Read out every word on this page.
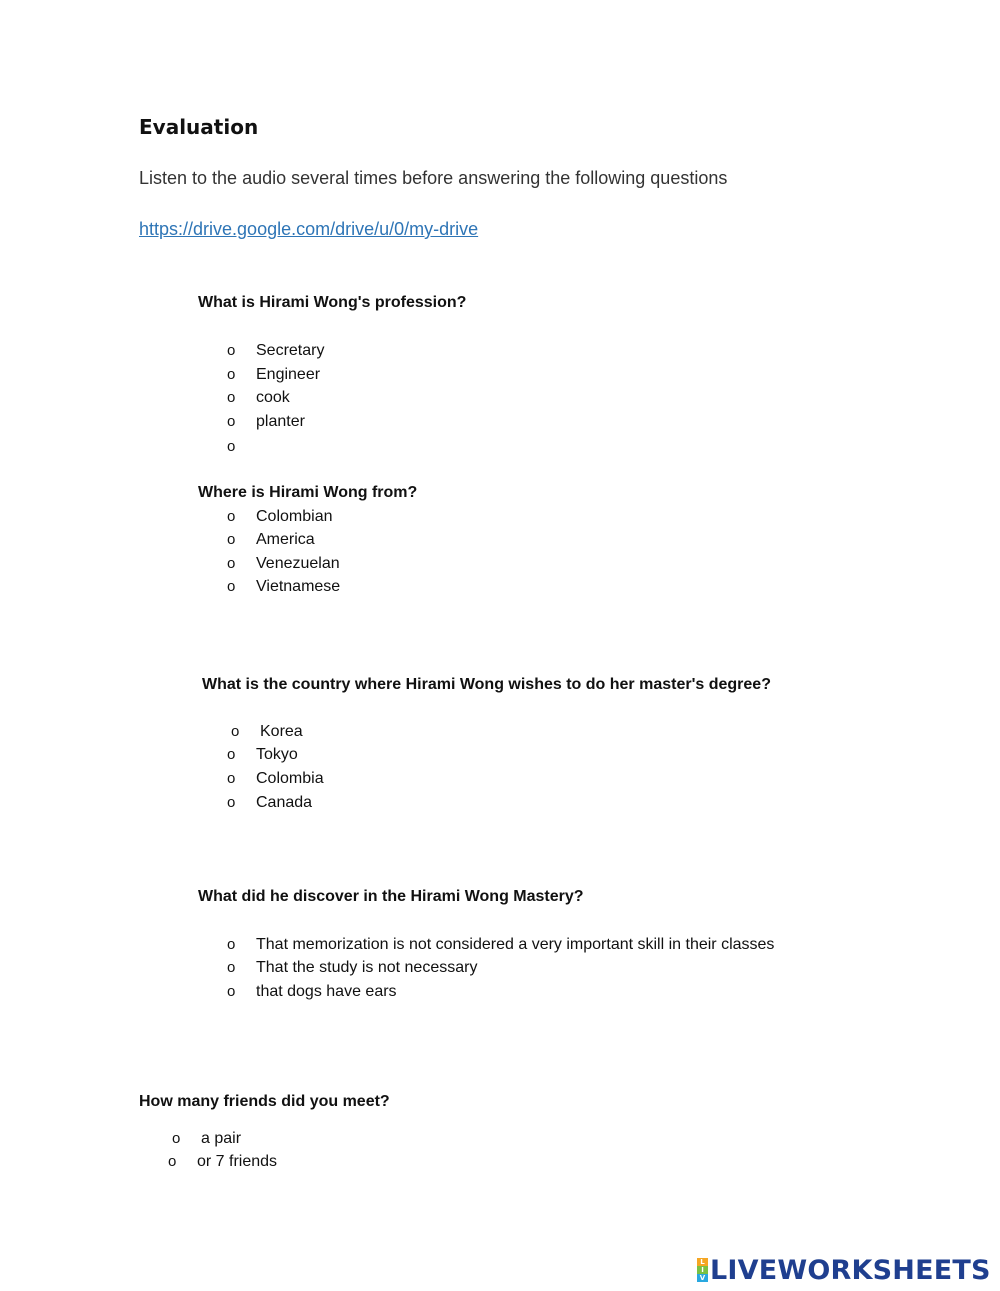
Evaluation
Listen to the audio several times before answering the following questions
https://drive.google.com/drive/u/0/my-drive
What is Hirami Wong's profession?
o Secretary
o Engineer
o cook
o planter
o
Where is Hirami Wong from?
o Colombian
o America
o Venezuelan
o Vietnamese
What is the country where Hirami Wong wishes to do her master's degree?
o Korea
o Tokyo
o Colombia
o Canada
What did he discover in the Hirami Wong Mastery?
o That memorization is not considered a very important skill in their classes
o That the study is not necessary
o that dogs have ears
How many friends did you meet?
o a pair
o or 7 friends
L
I
V LIVEWORKSHEETS
